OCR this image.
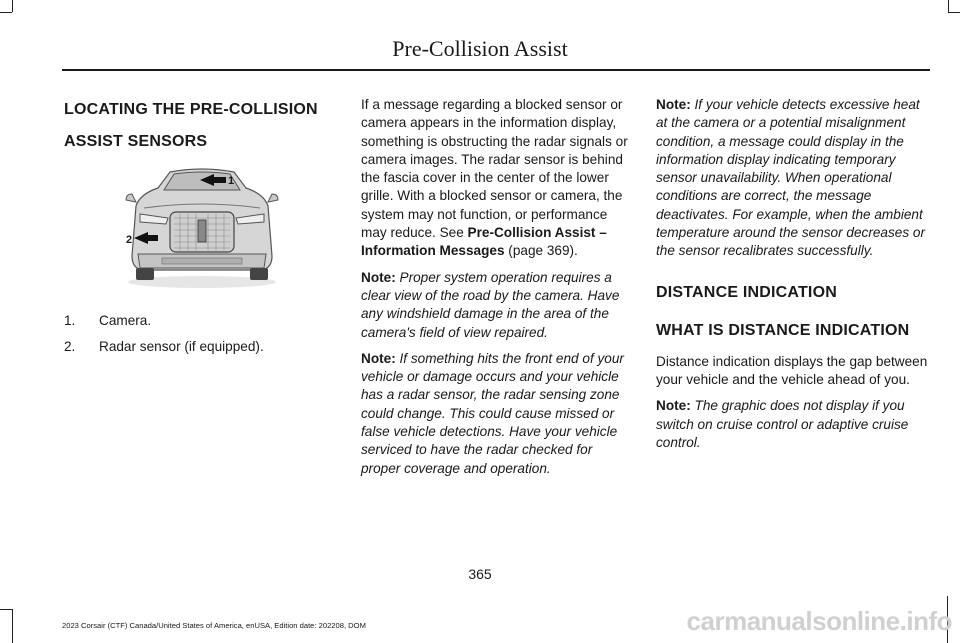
Pre-Collision Assist
LOCATING THE PRE-COLLISION
ASSIST SENSORS
1
2
1.	Camera.
2.	Radar sensor (if equipped).

If a message regarding a blocked sensor or camera appears in the information display, something is obstructing the radar signals or camera images. The radar sensor is behind the fascia cover in the center of the lower grille. With a blocked sensor or camera, the system may not function, or performance may reduce. See Pre-Collision Assist – Information Messages (page 369).

Note: Proper system operation requires a clear view of the road by the camera. Have any windshield damage in the area of the camera's field of view repaired.

Note: If something hits the front end of your vehicle or damage occurs and your vehicle has a radar sensor, the radar sensing zone could change. This could cause missed or false vehicle detections. Have your vehicle serviced to have the radar checked for proper coverage and operation.

Note: If your vehicle detects excessive heat at the camera or a potential misalignment condition, a message could display in the information display indicating temporary sensor unavailability. When operational conditions are correct, the message deactivates. For example, when the ambient temperature around the sensor decreases or the sensor recalibrates successfully.

DISTANCE INDICATION
WHAT IS DISTANCE INDICATION

Distance indication displays the gap between your vehicle and the vehicle ahead of you.

Note: The graphic does not display if you switch on cruise control or adaptive cruise control.

365
2023 Corsair (CTF) Canada/United States of America, enUSA, Edition date: 202208, DOM	carmanualsonline.info
